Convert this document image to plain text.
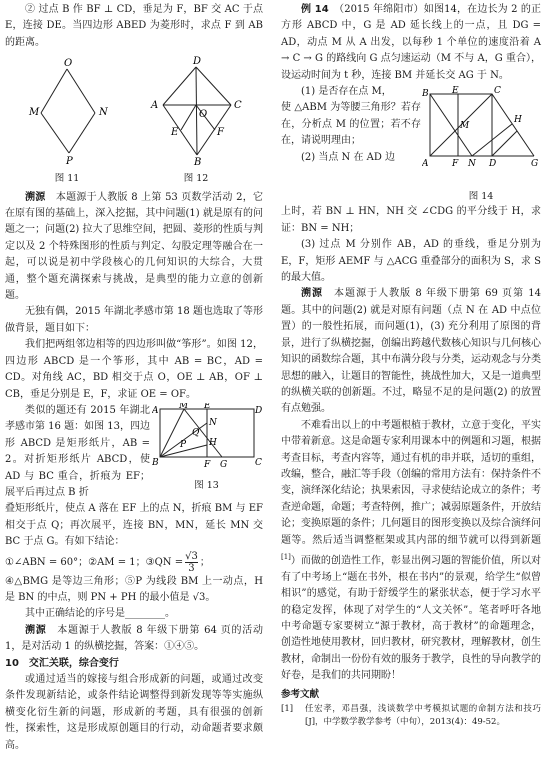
② 过点 B 作 BF ⊥ CD，垂足为 F，BF 交 AC 于点 E，连接 DE。当四边形 ABED 为菱形时，求点 F 到 AB 的距离。

O
M	N
P

图 11

D
A	C
O
E	F
B

图 12

溯源　 本题源于人教版 8 上第 53 页数学活动 2，它在原有图的基础上，深入挖掘，其中问题(1) 就是原有的问题之一；问题(2) 拉大了思维空间，把圆、菱形的性质与判定以及 2 个特殊图形的性质与判定、勾股定理等融合在一起，可以说是初中学段核心的几何知识的大综合，大贯通，整个题充满探索与挑战，是典型的能力立意的创新题。

无独有偶，2015 年湖北孝感市第 18 题也选取了等形做背景，题目如下：

我们把两组邻边相等的四边形叫做“筝形”。如图 12，四边形 ABCD 是一个筝形，其中 AB = BC，AD = CD。对角线 AC，BD 相交于点 O，OE ⊥ AB，OF ⊥ CB，垂足分别是 E，F，求证 OE = OF。

类似的题还有 2015 年湖北孝感市第 16 题：如图 13，四边形 ABCD 是矩形纸片，AB = 2。对折矩形纸片 ABCD，使 AD 与 BC 重合，折痕为 EF；展平后再过点 B 折

A M E	D
N
Q
H
P
B	F G	C

图 13

叠矩形纸片，使点 A 落在 EF 上的点 N，折痕 BM 与 EF 相交于点 Q；再次展平，连接 BN，MN，延长 MN 交 BC 于点 G。有如下结论：

①∠ABN = 60°；②AM = 1；③QN = $\frac{√3}{3}$ ；

④△BMG 是等边三角形；⑤P 为线段 BM 上一动点，H 是 BN 的中点，则 PN + PH 的最小值是 √3。

其中正确结论的序号是________。

溯源　 本题源于人教版 8 年级下册第 64 页的活动 1，是对活动 1 的纵横挖掘，答案：①④⑤。

10　交汇关联，综合变行

或通过适当的嫁接与组合形成新的问题，或通过改变条件发现新结论，或条件结论调整得到新发现等等实施纵横变化衍生新的问题，形成新的考题，具有很强的创新性，探索性，这是形成原创题目的行动，动命题者要求颇高。

例 14　 （2015 年绵阳市）如图14，在边长为 2 的正方形 ABCD 中，G 是 AD 延长线上的一点，且 DG = AD，动点 M 从 A 出发，以每秒 1 个单位的速度沿着 A → C → G 的路线向 G 点匀速运动（M 不与 A，G 重合），设运动时间为 t 秒，连接 BM 并延长交 AG 于 N。

(1) 是否存在点 M，

使 △ABM 为等腰三角形？若存在，分析点 M 的位置；若不存在，请说明理由；

(2) 当点 N 在 AD 边

B	C
E
M
H
A	F N D	G

图 14

上时，若 BN ⊥ HN，NH 交 ∠CDG 的平分线于 H，求证：BN = NH；

(3) 过点 M 分别作 AB，AD 的垂线，垂足分别为 E，F，矩形 AEMF 与 △ACG 重叠部分的面积为 S，求 S 的最大值。

溯源　 本题源于人教版 8 年级下册第 69 页第 14 题。其中的问题(2) 就是对原有问题（点 N 在 AD 中点位置）的一般性拓展，而问题(1)，(3) 充分利用了原图的背景，进行了纵横挖掘，创编出跨越代数核心知识与几何核心知识的函数综合题，其中布满分段与分类，运动观念与分类思想的融入，让题目的智能性，挑战性加大，又是一道典型的纵横关联的创新题。不过，略显不足的是问题(2) 的放置有点勉强。

不难看出以上的中考题根植于教材，立意于变化，平实中带着新意。这是命题专家利用课本中的例题和习题，根据考查目标，考查内容等，通过有机的串并联，适切的重组，改编，整合，融汇等手段（创编的常用方法有：保持条件不变，演绎深化结论；执果索因，寻求使结论成立的条件；考查逆命题，命题；考查特例，推广；减弱原题条件，开放结论；变换原题的条件；几何题目的图形变换以及综合演绎问题等。然后适当调整框架或其内部的细节就可以得到新题[1]）而做的创造性工作，彰显出例习题的智能价值，所以对有了中考场上“题在书外，根在书内”的景观，给学生“似曾相识”的感觉，有助于舒缓学生的紧张状态，便于学习水平的稳定发挥，体现了对学生的“人文关怀”。笔者呼吁各地中考命题专家要树立“源于教材，高于教材”的命题理念，创造性地使用教材，回归教材，研究教材，理解教材，创生教材，命制出一份份有效的服务于教学，良性的导向教学的好卷，是我们的共同期盼！

参考文献

[1]	任宏孝，邓昌强，浅谈数学中考模拟试题的命制方法和技巧[J]，中学数学教学参考（中旬），2013(4)：49-52。
